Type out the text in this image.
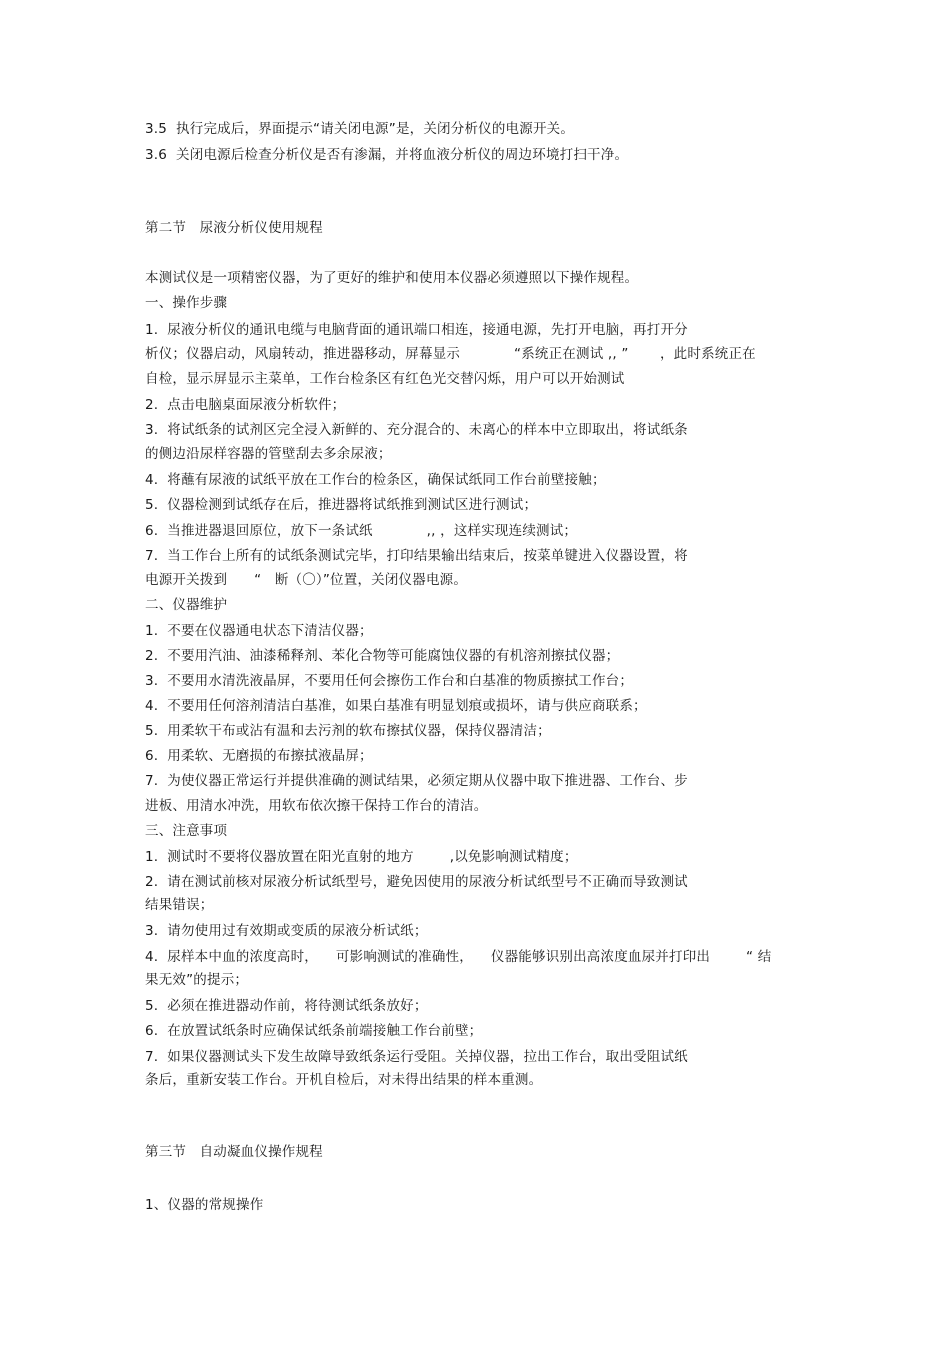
3.5  执行完成后，界面提示“请关闭电源”是，关闭分析仪的电源开关。
3.6  关闭电源后检查分析仪是否有渗漏，并将血液分析仪的周边环境打扫干净。
第二节   尿液分析仪使用规程
本测试仪是一项精密仪器，为了更好的维护和使用本仪器必须遵照以下操作规程。
一、操作步骤
1.  尿液分析仪的通讯电缆与电脑背面的通讯端口相连，接通电源，先打开电脑，再打开分
析仪；仪器启动，风扇转动，推进器移动，屏幕显示            “系统正在测试 ,, ”       ，此时系统正在
自检，显示屏显示主菜单，工作台检条区有红色光交替闪烁，用户可以开始测试
2.  点击电脑桌面尿液分析软件；
3.  将试纸条的试剂区完全浸入新鲜的、充分混合的、未离心的样本中立即取出，将试纸条
的侧边沿尿样容器的管壁刮去多余尿液；
4.  将蘸有尿液的试纸平放在工作台的检条区，确保试纸同工作台前壁接触；
5.  仪器检测到试纸存在后，推进器将试纸推到测试区进行测试；
6.  当推进器退回原位，放下一条试纸            ,, ，这样实现连续测试；
7.  当工作台上所有的试纸条测试完毕，打印结果输出结束后，按菜单键进入仪器设置，将
电源开关拨到      “   断（〇）”位置，关闭仪器电源。
二、仪器维护
1.  不要在仪器通电状态下清洁仪器；
2.  不要用汽油、油漆稀释剂、苯化合物等可能腐蚀仪器的有机溶剂擦拭仪器；
3.  不要用水清洗液晶屏，不要用任何会擦伤工作台和白基准的物质擦拭工作台；
4.  不要用任何溶剂清洁白基准，如果白基准有明显划痕或损坏，请与供应商联系；
5.  用柔软干布或沾有温和去污剂的软布擦拭仪器，保持仪器清洁；
6.  用柔软、无磨损的布擦拭液晶屏；
7.  为使仪器正常运行并提供准确的测试结果，必须定期从仪器中取下推进器、工作台、步
进板、用清水冲洗，用软布依次擦干保持工作台的清洁。
三、注意事项
1.  测试时不要将仪器放置在阳光直射的地方        ,以免影响测试精度；
2.  请在测试前核对尿液分析试纸型号，避免因使用的尿液分析试纸型号不正确而导致测试
结果错误；
3.  请勿使用过有效期或变质的尿液分析试纸；
4.  尿样本中血的浓度高时，    可影响测试的准确性，    仪器能够识别出高浓度血尿并打印出        “ 结
果无效”的提示；
5.  必须在推进器动作前，将待测试纸条放好；
6.  在放置试纸条时应确保试纸条前端接触工作台前壁；
7.  如果仪器测试头下发生故障导致纸条运行受阻。关掉仪器，拉出工作台，取出受阻试纸
条后，重新安装工作台。开机自检后，对未得出结果的样本重测。
第三节   自动凝血仪操作规程
1、仪器的常规操作
